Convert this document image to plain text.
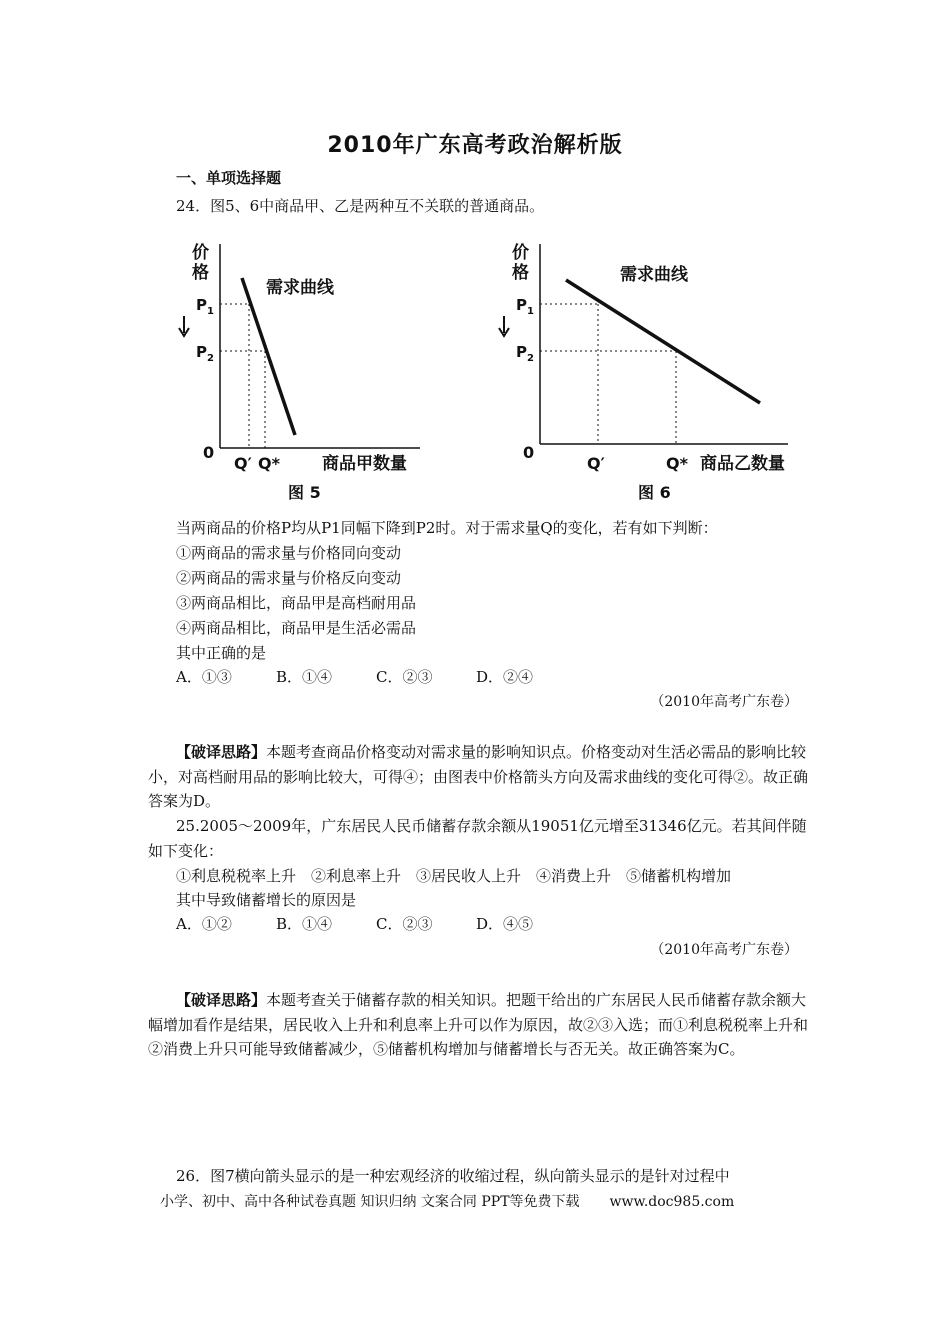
2010年广东高考政治解析版
一、单项选择题
24．图5、6中商品甲、乙是两种互不关联的普通商品。
价
格
需求曲线
$P_1$
$P_2$
0
Q′ Q* 商品甲数量
图 5
价
格	需求曲线
$P_1$
$P_2$
0
Q′	Q* 商品乙数量
图 6
当两商品的价格P均从P1同幅下降到P2时。对于需求量Q的变化，若有如下判断：
①两商品的需求量与价格同向变动
②两商品的需求量与价格反向变动
③两商品相比，商品甲是高档耐用品
④两商品相比，商品甲是生活必需品
其中正确的是
A．①③	B．①④	C．②③	D．②④
（2010年高考广东卷）
【破译思路】本题考查商品价格变动对需求量的影响知识点。价格变动对生活必需品的影响比较小，对高档耐用品的影响比较大，可得④；由图表中价格箭头方向及需求曲线的变化可得②。故正确答案为D。
25.2005～2009年，广东居民人民币储蓄存款余额从19051亿元增至31346亿元。若其间伴随如下变化：
①利息税税率上升　②利息率上升　③居民收人上升　④消费上升　⑤储蓄机构增加
其中导致储蓄增长的原因是
A．①②	B．①④	C．②③	D．④⑤
（2010年高考广东卷）
【破译思路】本题考查关于储蓄存款的相关知识。把题干给出的广东居民人民币储蓄存款余额大幅增加看作是结果，居民收入上升和利息率上升可以作为原因，故②③入选；而①利息税税率上升和②消费上升只可能导致储蓄减少，⑤储蓄机构增加与储蓄增长与否无关。故正确答案为C。
26．图7横向箭头显示的是一种宏观经济的收缩过程，纵向箭头显示的是针对过程中
小学、初中、高中各种试卷真题 知识归纳 文案合同 PPT等免费下载 www.doc985.com
